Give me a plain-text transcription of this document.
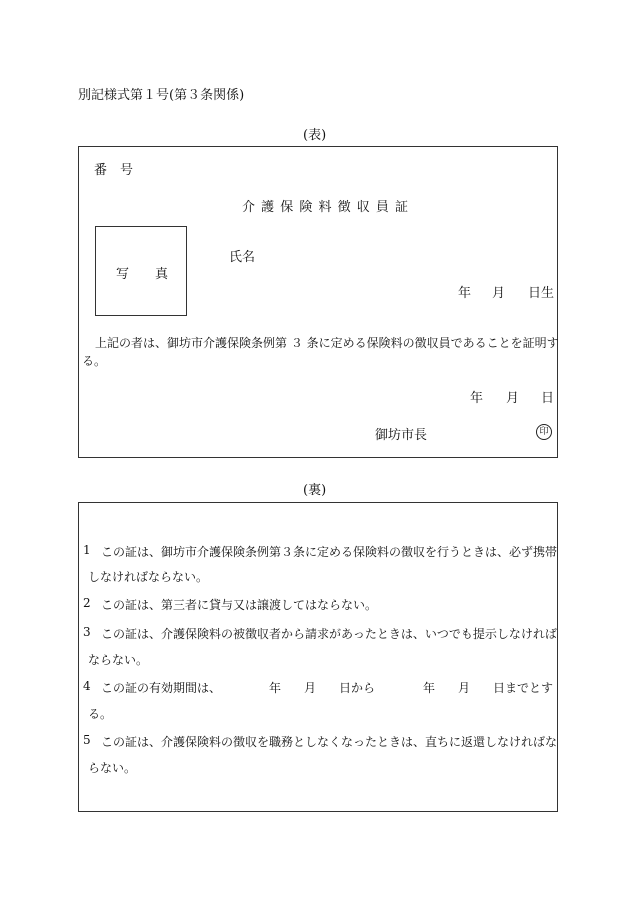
別記様式第１号(第３条関係)
(表)
番　号
介 護 保 険 料 徴 収 員 証
写　　真
氏名
年 月 日生
上記の者は、御坊市介護保険条例第 ３ 条に定める保険料の徴収員であることを証明す
る。
年 月 日
御坊市長	印
(裏)
1 この証は、御坊市介護保険条例第３条に定める保険料の徴収を行うときは、必ず携帯
しなければならない。
2 この証は、第三者に貸与又は譲渡してはならない。
3 この証は、介護保険料の被徴収者から請求があったときは、いつでも提示しなければ
ならない。
4 この証の有効期間は、	年 月 日から	年 月 日までとす
る。
5 この証は、介護保険料の徴収を職務としなくなったときは、直ちに返還しなければな
らない。
